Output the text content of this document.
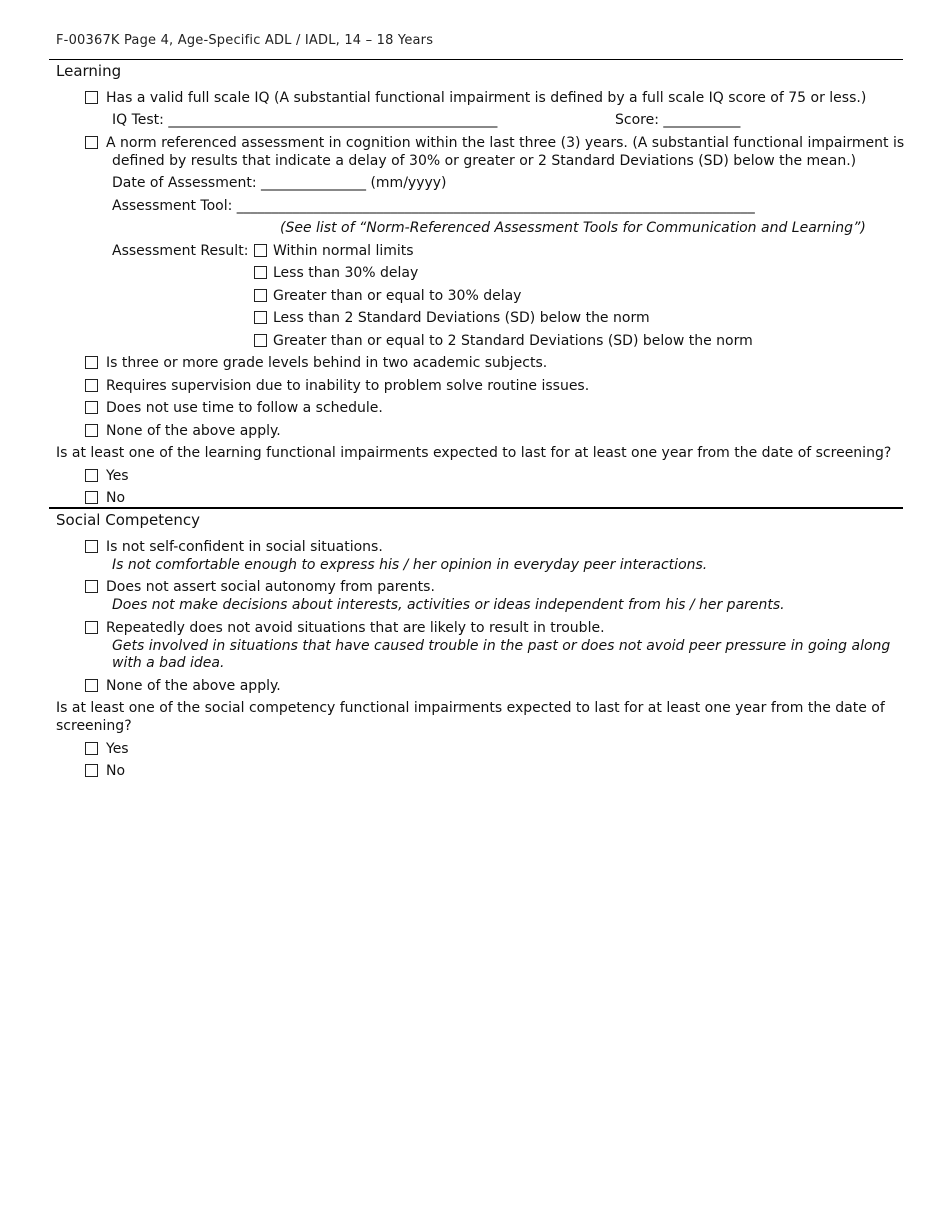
F-00367K Page 4, Age-Specific ADL / IADL, 14 – 18 Years
Learning
Has a valid full scale IQ (A substantial functional impairment is defined by a full scale IQ score of 75 or less.)
IQ Test: _______________________________________________	Score: ___________
A norm referenced assessment in cognition within the last three (3) years. (A substantial functional impairment is
defined by results that indicate a delay of 30% or greater or 2 Standard Deviations (SD) below the mean.)
Date of Assessment: _______________ (mm/yyyy)
Assessment Tool: __________________________________________________________________________
(See list of “Norm-Referenced Assessment Tools for Communication and Learning”)
Assessment Result: Within normal limits
Less than 30% delay
Greater than or equal to 30% delay
Less than 2 Standard Deviations (SD) below the norm
Greater than or equal to 2 Standard Deviations (SD) below the norm
Is three or more grade levels behind in two academic subjects.
Requires supervision due to inability to problem solve routine issues.
Does not use time to follow a schedule.
None of the above apply.
Is at least one of the learning functional impairments expected to last for at least one year from the date of screening?
Yes
No
Social Competency
Is not self-confident in social situations.
Is not comfortable enough to express his / her opinion in everyday peer interactions.
Does not assert social autonomy from parents.
Does not make decisions about interests, activities or ideas independent from his / her parents.
Repeatedly does not avoid situations that are likely to result in trouble.
Gets involved in situations that have caused trouble in the past or does not avoid peer pressure in going along
with a bad idea.
None of the above apply.
Is at least one of the social competency functional impairments expected to last for at least one year from the date of
screening?
Yes
No
